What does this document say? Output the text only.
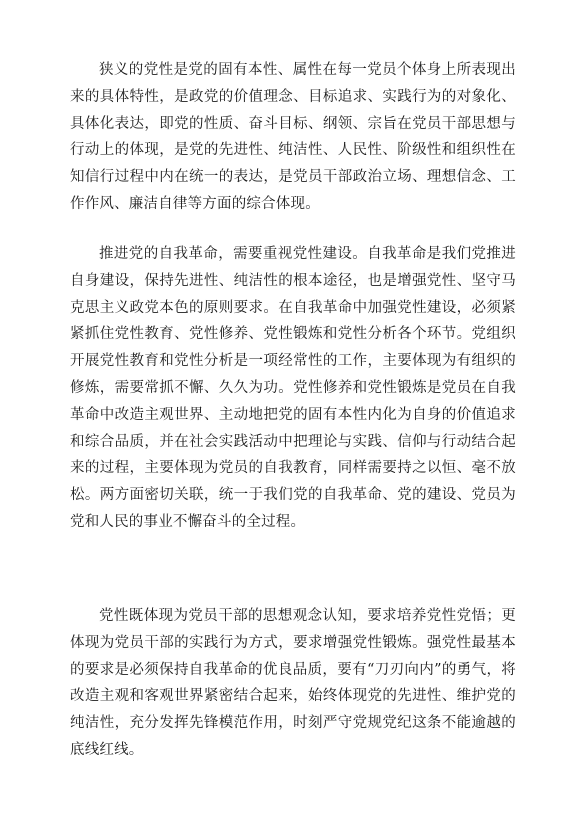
狭义的党性是党的固有本性、属性在每一党员个体身上所表现出来的具体特性，是政党的价值理念、目标追求、实践行为的对象化、具体化表达，即党的性质、奋斗目标、纲领、宗旨在党员干部思想与行动上的体现，是党的先进性、纯洁性、人民性、阶级性和组织性在知信行过程中内在统一的表达，是党员干部政治立场、理想信念、工作作风、廉洁自律等方面的综合体现。

推进党的自我革命，需要重视党性建设。自我革命是我们党推进自身建设，保持先进性、纯洁性的根本途径，也是增强党性、坚守马克思主义政党本色的原则要求。在自我革命中加强党性建设，必须紧紧抓住党性教育、党性修养、党性锻炼和党性分析各个环节。党组织开展党性教育和党性分析是一项经常性的工作，主要体现为有组织的修炼，需要常抓不懈、久久为功。党性修养和党性锻炼是党员在自我革命中改造主观世界、主动地把党的固有本性内化为自身的价值追求和综合品质，并在社会实践活动中把理论与实践、信仰与行动结合起来的过程，主要体现为党员的自我教育，同样需要持之以恒、毫不放松。两方面密切关联，统一于我们党的自我革命、党的建设、党员为党和人民的事业不懈奋斗的全过程。

党性既体现为党员干部的思想观念认知，要求培养党性党悟；更体现为党员干部的实践行为方式，要求增强党性锻炼。强党性最基本的要求是必须保持自我革命的优良品质，要有“刀刃向内”的勇气，将改造主观和客观世界紧密结合起来，始终体现党的先进性、维护党的纯洁性，充分发挥先锋模范作用，时刻严守党规党纪这条不能逾越的底线红线。
